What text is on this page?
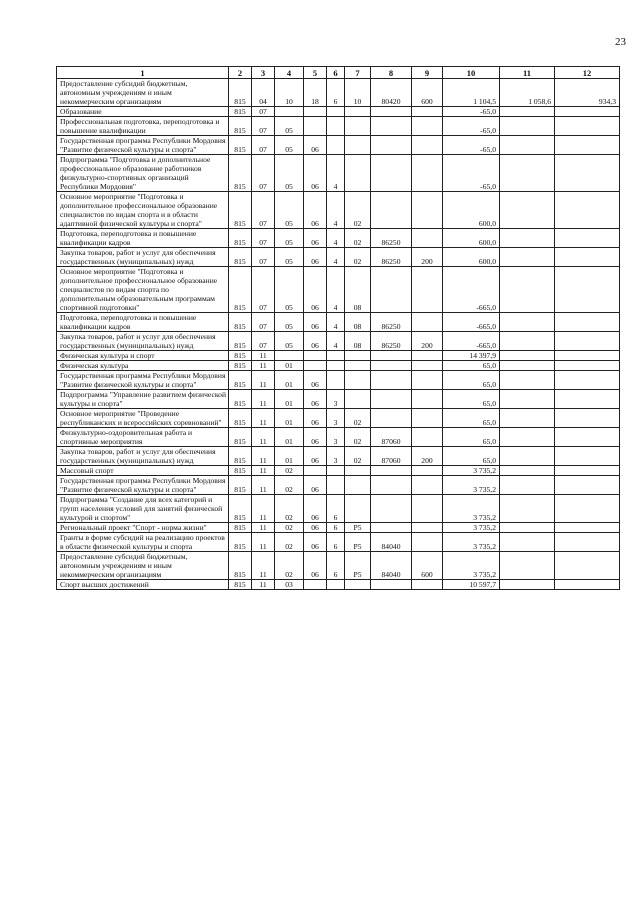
23
1	2	3	4	5	6	7	8	9	10	11	12
Предоставление субсидий бюджетным, автономным учреждениям и иным некоммерческим организациям	815	04	10	18	6	10	80420	600	1 104,5	1 058,6	934,3
Образование	815	07							-65,0		
Профессиональная подготовка, переподготовка и повышение квалификации	815	07	05						-65,0		
Государственная программа Республики Мордовия "Развитие физической культуры и спорта"	815	07	05	06					-65,0		
Подпрограмма "Подготовка и дополнительное профессиональное образование работников физкультурно-спортивных организаций Республики Мордовия"	815	07	05	06	4				-65,0		
Основное мероприятие "Подготовка и дополнительное профессиональное образование специалистов по видам спорта и в области адаптивной физической культуры и спорта"	815	07	05	06	4	02			600,0		
Подготовка, переподготовка и повышение квалификации кадров	815	07	05	06	4	02	86250		600,0		
Закупка товаров, работ и услуг для обеспечения государственных (муниципальных) нужд	815	07	05	06	4	02	86250	200	600,0		
Основное мероприятие "Подготовка и дополнительное профессиональное образование специалистов по видам спорта по дополнительным образовательным программам спортивной подготовки"	815	07	05	06	4	08			-665,0		
Подготовка, переподготовка и повышение квалификации кадров	815	07	05	06	4	08	86250		-665,0		
Закупка товаров, работ и услуг для обеспечения государственных (муниципальных) нужд	815	07	05	06	4	08	86250	200	-665,0		
Физическая культура и спорт	815	11							14 397,9		
Физическая культура	815	11	01						65,0		
Государственная программа Республики Мордовия "Развитие физической культуры и спорта"	815	11	01	06					65,0		
Подпрограмма "Управление развитием физической культуры и спорта"	815	11	01	06	3				65,0		
Основное мероприятие "Проведение республиканских и всероссийских соревнований"	815	11	01	06	3	02			65,0		
Физкультурно-оздоровительная работа и спортивные мероприятия	815	11	01	06	3	02	87060		65,0		
Закупка товаров, работ и услуг для обеспечения государственных (муниципальных) нужд	815	11	01	06	3	02	87060	200	65,0		
Массовый спорт	815	11	02						3 735,2		
Государственная программа Республики Мордовия "Развитие физической культуры и спорта"	815	11	02	06					3 735,2		
Подпрограмма "Создание для всех категорий и групп населения условий для занятий физической культурой и спортом"	815	11	02	06	6				3 735,2		
Региональный проект "Спорт - норма жизни"	815	11	02	06	6	P5			3 735,2		
Гранты в форме субсидий на реализацию проектов в области физической культуры и спорта	815	11	02	06	6	P5	84040		3 735,2		
Предоставление субсидий бюджетным, автономным учреждениям и иным некоммерческим организациям	815	11	02	06	6	P5	84040	600	3 735,2		
Спорт высших достижений	815	11	03						10 597,7		
